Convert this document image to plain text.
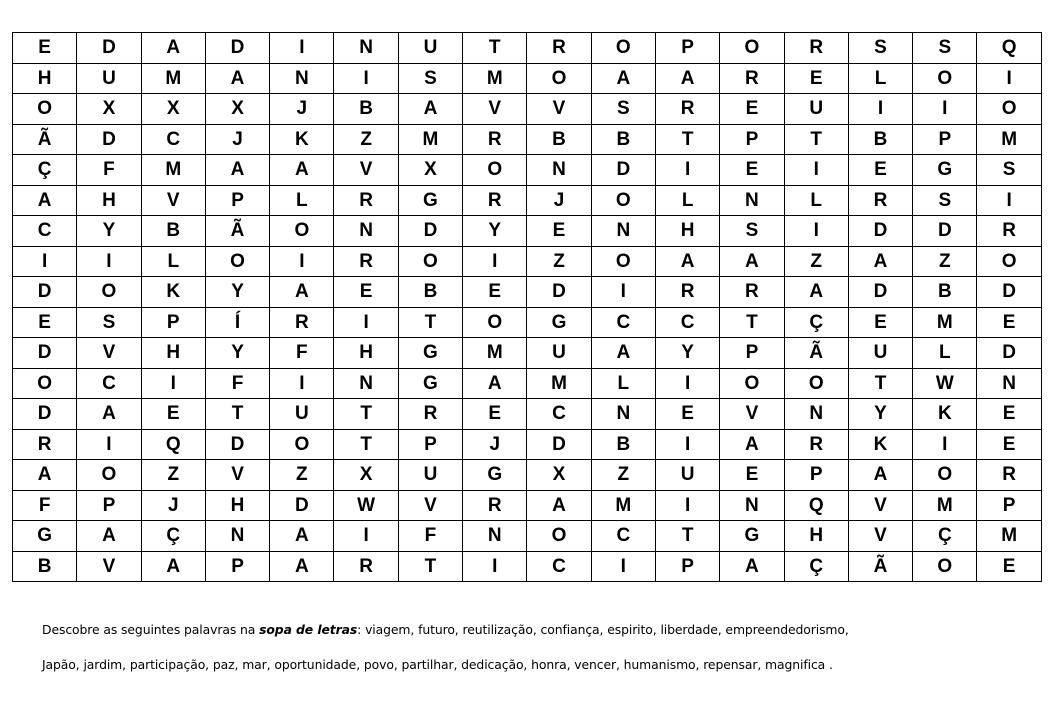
E	D	A	D	I	N	U	T	R	O	P	O	R	S	S	Q
H	U	M	A	N	I	S	M	O	A	A	R	E	L	O	I
O	X	X	X	J	B	A	V	V	S	R	E	U	I	I	O
Ã	D	C	J	K	Z	M	R	B	B	T	P	T	B	P	M
Ç	F	M	A	A	V	X	O	N	D	I	E	I	E	G	S
A	H	V	P	L	R	G	R	J	O	L	N	L	R	S	I
C	Y	B	Ã	O	N	D	Y	E	N	H	S	I	D	D	R
I	I	L	O	I	R	O	I	Z	O	A	A	Z	A	Z	O
D	O	K	Y	A	E	B	E	D	I	R	R	A	D	B	D
E	S	P	Í	R	I	T	O	G	C	C	T	Ç	E	M	E
D	V	H	Y	F	H	G	M	U	A	Y	P	Ã	U	L	D
O	C	I	F	I	N	G	A	M	L	I	O	O	T	W	N
D	A	E	T	U	T	R	E	C	N	E	V	N	Y	K	E
R	I	Q	D	O	T	P	J	D	B	I	A	R	K	I	E
A	O	Z	V	Z	X	U	G	X	Z	U	E	P	A	O	R
F	P	J	H	D	W	V	R	A	M	I	N	Q	V	M	P
G	A	Ç	N	A	I	F	N	O	C	T	G	H	V	Ç	M
B	V	A	P	A	R	T	I	C	I	P	A	Ç	Ã	O	E
Descobre as seguintes palavras na sopa de letras: viagem, futuro, reutilização, confiança, espirito, liberdade, empreendedorismo,
Japão, jardim, participação, paz, mar, oportunidade, povo, partilhar, dedicação, honra, vencer, humanismo, repensar, magnifica .
